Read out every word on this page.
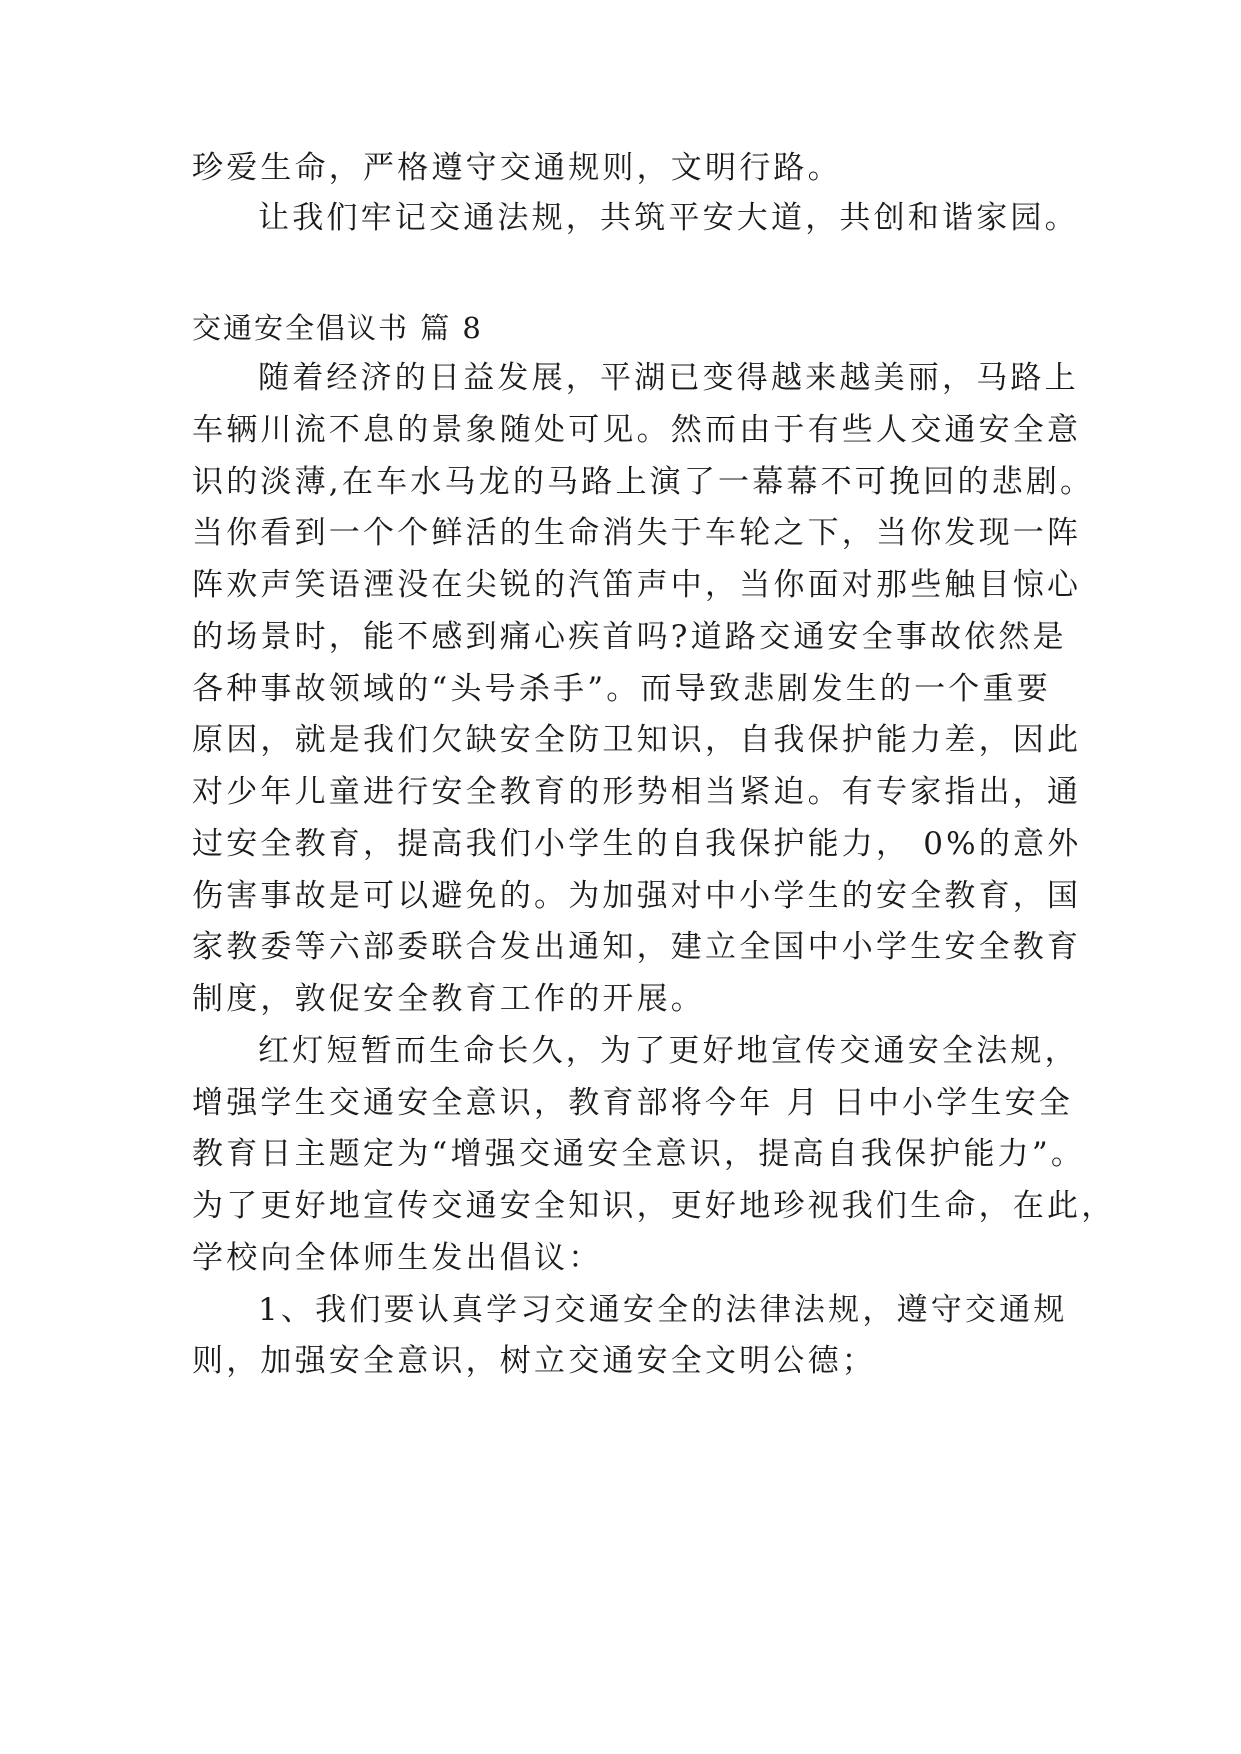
珍爱生命，严格遵守交通规则，文明行路。
让我们牢记交通法规，共筑平安大道，共创和谐家园。
交通安全倡议书 篇 8
随着经济的日益发展，平湖已变得越来越美丽，马路上
车辆川流不息的景象随处可见。然而由于有些人交通安全意
识的淡薄,在车水马龙的马路上演了一幕幕不可挽回的悲剧。
当你看到一个个鲜活的生命消失于车轮之下，当你发现一阵
阵欢声笑语湮没在尖锐的汽笛声中，当你面对那些触目惊心
的场景时，能不感到痛心疾首吗?道路交通安全事故依然是
各种事故领域的“头号杀手”。而导致悲剧发生的一个重要
原因，就是我们欠缺安全防卫知识，自我保护能力差，因此
对少年儿童进行安全教育的形势相当紧迫。有专家指出，通
过安全教育，提高我们小学生的自我保护能力， 0%的意外
伤害事故是可以避免的。为加强对中小学生的安全教育，国
家教委等六部委联合发出通知，建立全国中小学生安全教育
制度，敦促安全教育工作的开展。
红灯短暂而生命长久，为了更好地宣传交通安全法规，
增强学生交通安全意识，教育部将今年 月 日中小学生安全
教育日主题定为“增强交通安全意识，提高自我保护能力”。
为了更好地宣传交通安全知识，更好地珍视我们生命，在此，
学校向全体师生发出倡议：
1、我们要认真学习交通安全的法律法规，遵守交通规
则，加强安全意识，树立交通安全文明公德；
